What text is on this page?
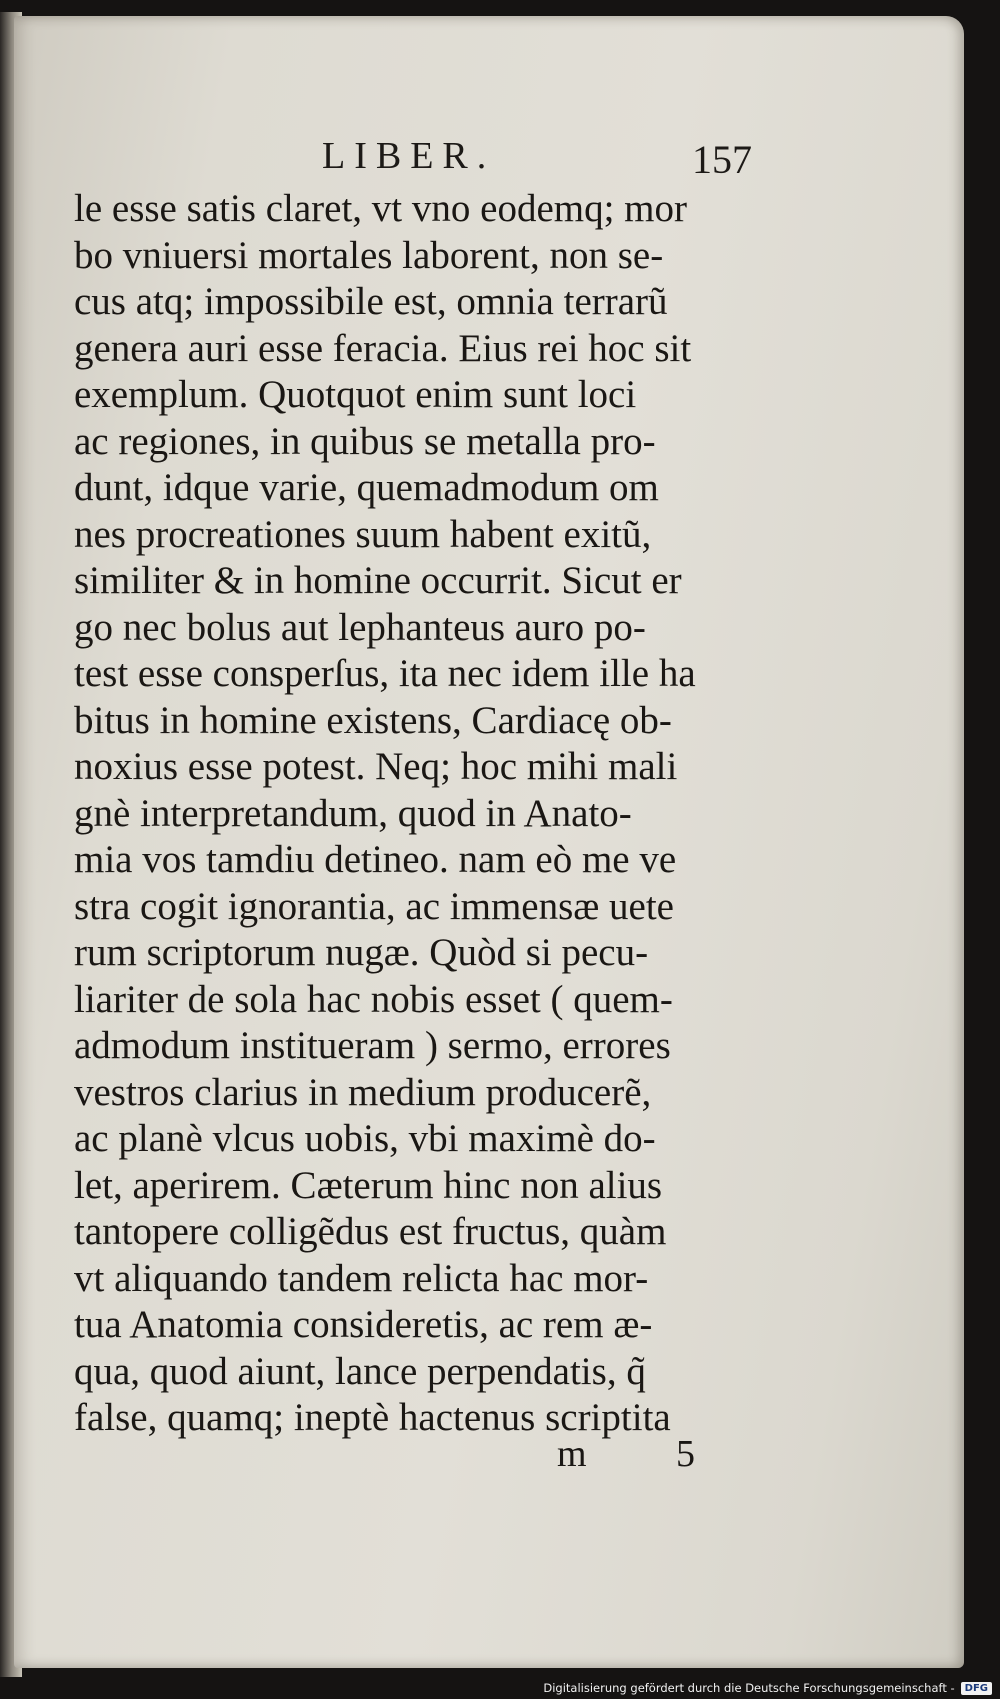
LIBER.	157
le esse satis claret, vt vno eodemq; mor
bo vniuersi mortales laborent, non se-
cus atq; impossibile est, omnia terrarũ
genera auri esse feracia. Eius rei hoc sit
exemplum. Quotquot enim sunt loci
ac regiones, in quibus se metalla pro-
dunt, idque varie, quemadmodum om
nes procreationes suum habent exitũ,
similiter & in homine occurrit. Sicut er
go nec bolus aut lephanteus auro po-
test esse consperſus, ita nec idem ille ha
bitus in homine existens, Cardiacę ob-
noxius esse potest. Neq; hoc mihi mali
gnè interpretandum, quod in Anato-
mia vos tamdiu detineo. nam eò me ve
stra cogit ignorantia, ac immensæ uete
rum scriptorum nugæ. Quòd si pecu-
liariter de sola hac nobis esset ( quem-
admodum institueram ) sermo, errores
vestros clarius in medium producerẽ,
ac planè vlcus uobis, vbi maximè do-
let, aperirem. Cæterum hinc non alius
tantopere colligẽdus est fructus, quàm
vt aliquando tandem relicta hac mor-
tua Anatomia consideretis, ac rem æ-
qua, quod aiunt, lance perpendatis, q̃
false, quamq; ineptè hactenus scriptita
m 5
Digitalisierung gefördert durch die Deutsche Forschungsgemeinschaft -	DFG
